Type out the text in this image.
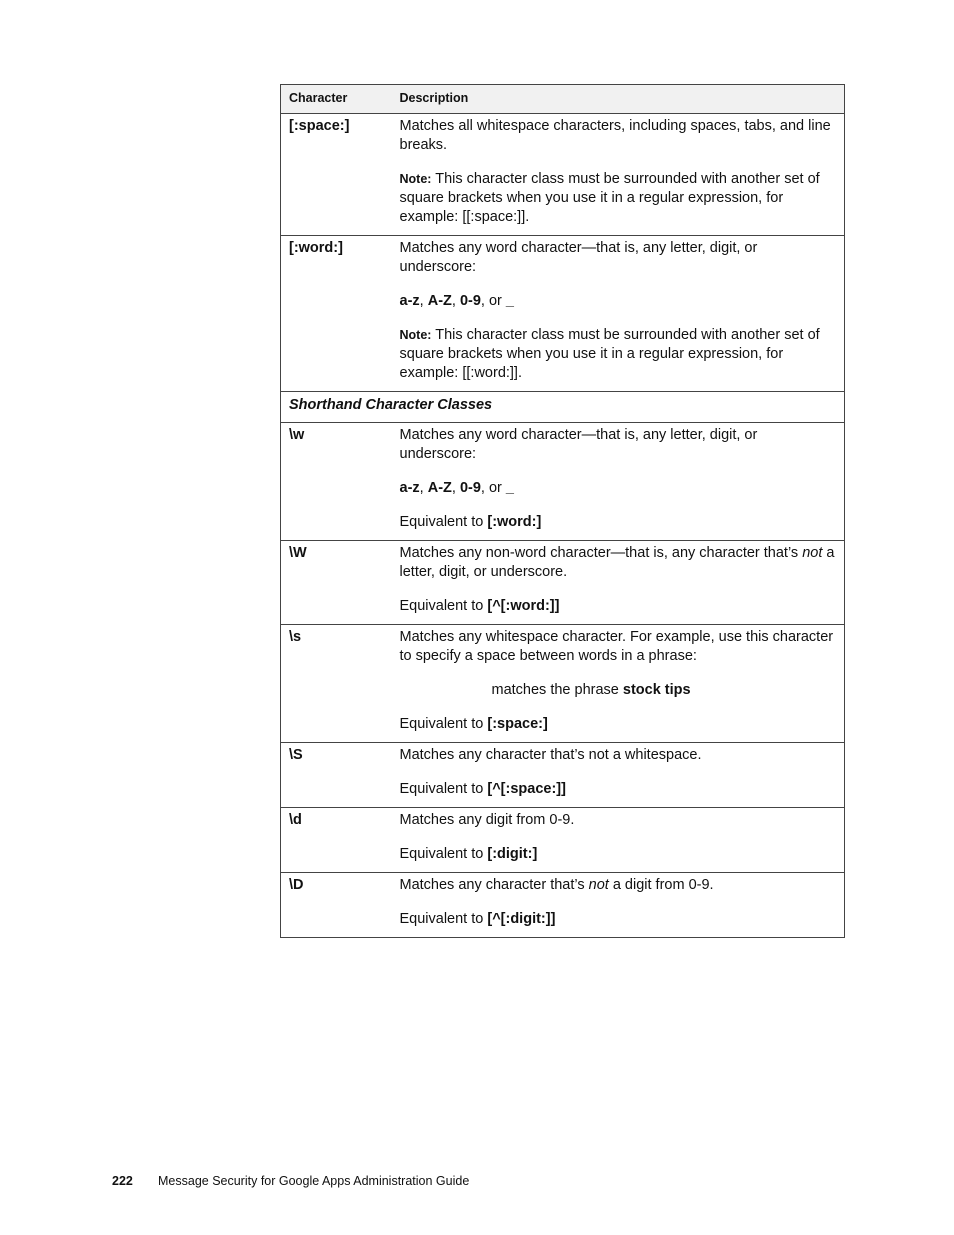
Character	Description
[:space:]	Matches all whitespace characters, including spaces, tabs, and line breaks.

Note: This character class must be surrounded with another set of square brackets when you use it in a regular expression, for example: [[:space:]].

[:word:]	Matches any word character—that is, any letter, digit, or underscore:

a-z, A-Z, 0-9, or _

Note: This character class must be surrounded with another set of square brackets when you use it in a regular expression, for example: [[:word:]].

Shorthand Character Classes	
\w	Matches any word character—that is, any letter, digit, or underscore:

a-z, A-Z, 0-9, or _

Equivalent to [:word:]

\W	Matches any non-word character—that is, any character that’s not a letter, digit, or underscore.

Equivalent to [^[:word:]]

\s	Matches any whitespace character. For example, use this character to specify a space between words in a phrase:

matches the phrase stock tips

Equivalent to [:space:]

\S	Matches any character that’s not a whitespace.

Equivalent to [^[:space:]]

\d	Matches any digit from 0-9.

Equivalent to [:digit:]

\D	Matches any character that’s not a digit from 0-9.

Equivalent to [^[:digit:]]

222 Message Security for Google Apps Administration Guide
